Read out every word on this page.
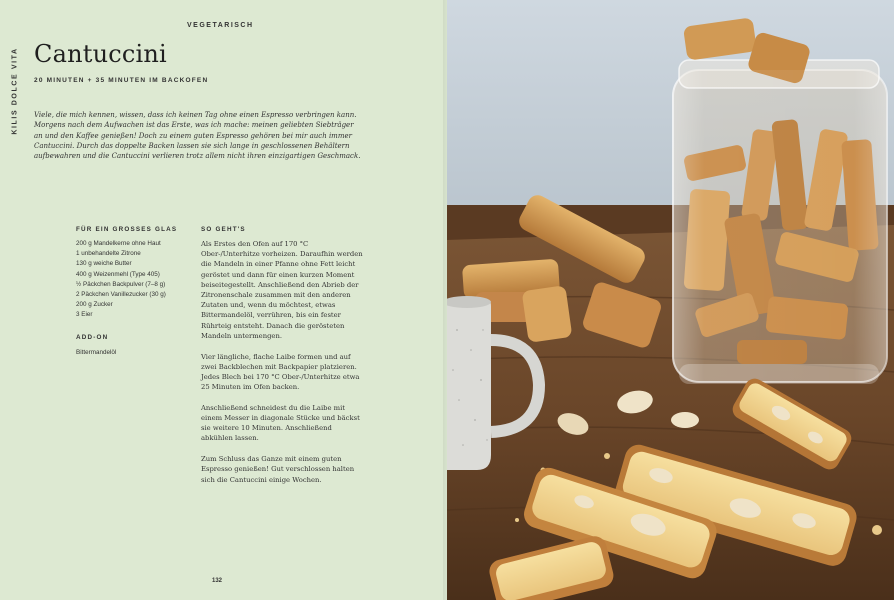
KILIS DOLCE VITA
VEGETARISCH
Cantuccini
20 MINUTEN + 35 MINUTEN IM BACKOFEN

Viele, die mich kennen, wissen, dass ich keinen Tag ohne einen Espresso verbringen kann. Morgens nach dem Aufwachen ist das Erste, was ich mache: meinen geliebten Siebträger an und den Kaffee genießen! Doch zu einem guten Espresso gehören bei mir auch immer Cantuccini. Durch das doppelte Backen lassen sie sich lange in geschlossenen Behältern aufbewahren und die Cantuccini verlieren trotz allem nicht ihren einzigartigen Geschmack.

FÜR EIN GROSSES GLAS
200 g Mandelkerne ohne Haut
1 unbehandelte Zitrone
130 g weiche Butter
400 g Weizenmehl (Type 405)
½ Päckchen Backpulver (7–8 g)
2 Päckchen Vanillezucker (30 g)
200 g Zucker
3 Eier
ADD-ON
Bittermandelöl
SO GEHT'S

Als Erstes den Ofen auf 170 °C Ober-/Unterhitze vorheizen. Daraufhin werden die Mandeln in einer Pfanne ohne Fett leicht geröstet und dann für einen kurzen Moment beiseitegestellt. Anschließend den Abrieb der Zitronenschale zusammen mit den anderen Zutaten und, wenn du möchtest, etwas Bittermandelöl, verrühren, bis ein fester Rührteig entsteht. Danach die gerösteten Mandeln untermengen.

Vier längliche, flache Laibe formen und auf zwei Backblechen mit Backpapier platzieren. Jedes Blech bei 170 °C Ober-/Unterhitze etwa 25 Minuten im Ofen backen.

Anschließend schneidest du die Laibe mit einem Messer in diagonale Stücke und bäckst sie weitere 10 Minuten. Anschließend abkühlen lassen.

Zum Schluss das Ganze mit einem guten Espresso genießen! Gut verschlossen halten sich die Cantuccini einige Wochen.

132
